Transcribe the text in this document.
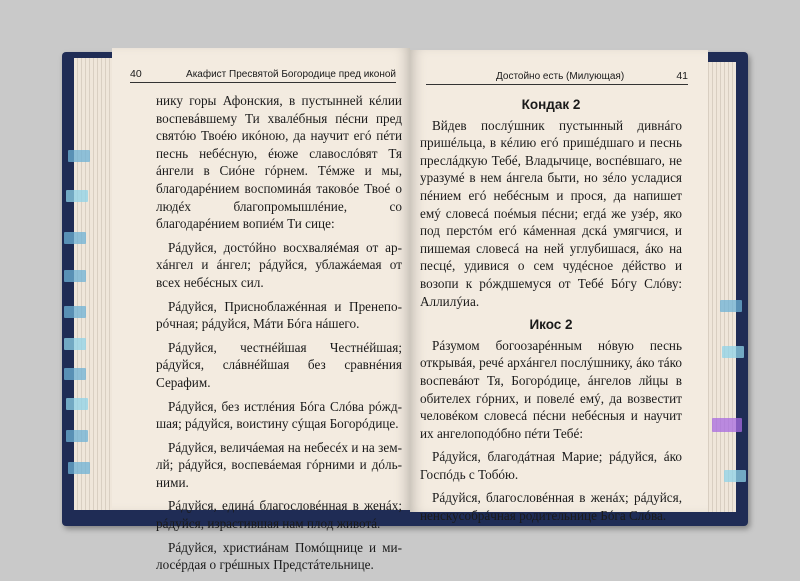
40	Акафист Пресвятой Богородице пред иконой

нику горы Афонския, в пустынней кéлии воспевáвшему Ти хвалéбныя пéсни пред святóю Твоéю икóною, да научит егó пéти песнь небéсную, éюже славослóвят Тя áнгели в Сиóне гóрнем. Тéмже и мы, благодарéнием воспоминáя таковóе Твоé о людéх благопромышлéние, со благодарéнием вопиéм Ти сице:

Рáдуйся, достóйно восхваляéмая от архáнгел и áнгел; рáдуйся, ублажáемая от всех небéсных сил.

Рáдуйся, Присноблажéнная и Пренепорóчная; рáдуйся, Мáти Бóга нáшего.

Рáдуйся, честнéйшая Честнéйшая; рáдуйся, слáвнéйшая без сравнéния Серафим.

Рáдуйся, без истлéния Бóга Слóва рóждшая; рáдуйся, воистину сýщая Богорóдице.

Рáдуйся, величáемая на небесéх и на землй; рáдуйся, воспевáемая гóрними и дóльними.

Рáдуйся, единá благословéнная в женáх; рáдуйся, израстившая нам плод животá.

Рáдуйся, христиáнам Помóщнице и милосéрдая о грéшных Предстáтельнице.

Достойно есть (Милующая)	41
Кондак 2

Вйдев послýшник пустынный дивнáго пришéльца, в кéлию егó пришéдшаго и песнь преслáдкую Тебé, Владычице, воспéвшаго, не уразумé в нем áнгела быти, но зéло усладися пéнием егó небéсным и прося, да напишет емý словесá поéмыя пéсни; егдá же узéр, яко под перстóм егó кáменная дскá умягчися, и пишемая словесá на ней углубишася, áко на песцé, удивися о сем чудéсное дéйство и возопи к рóждшемуся от Тебé Бóгу Слóву: Аллилýиа.

Икос 2

Рáзумом богоозарéнным нóвую песнь открывáя, речé архáнгел послýшнику, áко тáко воспевáют Тя, Богорóдице, áнгелов лйцы в обителех гóрних, и повелé емý, да возвестит человéком словесá пéсни небéсныя и научит их ангелоподóбно пéти Тебé:

Рáдуйся, благодáтная Марие; рáдуйся, áко Госпóдь с Тобóю.

Рáдуйся, благословéнная в женáх; рáдуйся, ненскусобрáчная родительнице Бóга Слóва.
